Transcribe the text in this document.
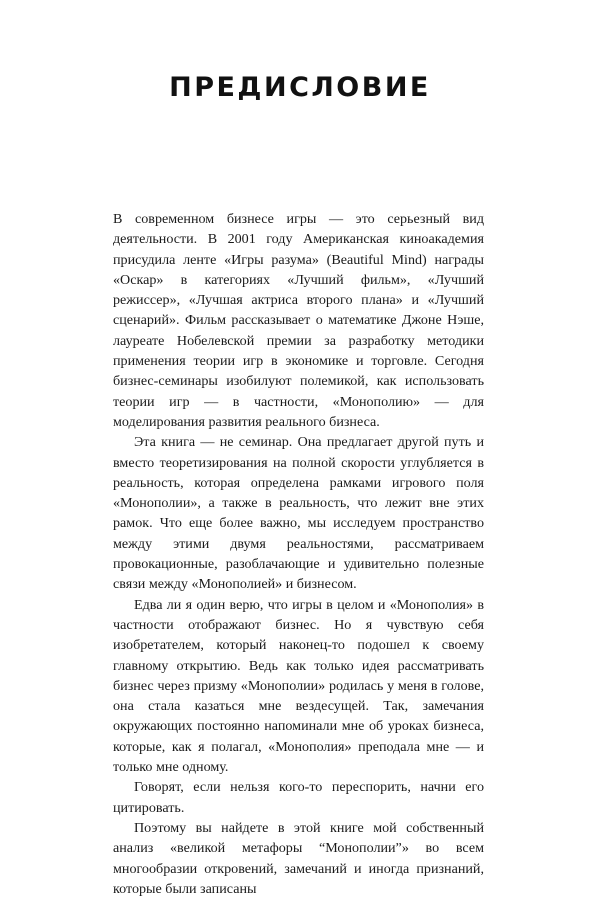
ПРЕДИСЛОВИЕ

В современном бизнесе игры — это серьезный вид деятельности. В 2001 году Американская киноакадемия присудила ленте «Игры разума» (Beautiful Mind) награды «Оскар» в категориях «Лучший фильм», «Лучший режиссер», «Лучшая актриса второго плана» и «Лучший сценарий». Фильм рассказывает о математике Джоне Нэше, лауреате Нобелевской премии за разработку методики применения теории игр в экономике и торговле. Сегодня бизнес-семинары изобилуют полемикой, как использовать теории игр — в частности, «Монополию» — для моделирования развития реального бизнеса.

Эта книга — не семинар. Она предлагает другой путь и вместо теоретизирования на полной скорости углубляется в реальность, которая определена рамками игрового поля «Монополии», а также в реальность, что лежит вне этих рамок. Что еще более важно, мы исследуем пространство между этими двумя реальностями, рассматриваем провокационные, разоблачающие и удивительно полезные связи между «Монополией» и бизнесом.

Едва ли я один верю, что игры в целом и «Монополия» в частности отображают бизнес. Но я чувствую себя изобретателем, который наконец-то подошел к своему главному открытию. Ведь как только идея рассматривать бизнес через призму «Монополии» родилась у меня в голове, она стала казаться мне вездесущей. Так, замечания окружающих постоянно напоминали мне об уроках бизнеса, которые, как я полагал, «Монополия» преподала мне — и только мне одному.

Говорят, если нельзя кого-то переспорить, начни его цитировать.

Поэтому вы найдете в этой книге мой собственный анализ «великой метафоры “Монополии”» во всем многообразии откровений, замечаний и иногда признаний, которые были записаны
